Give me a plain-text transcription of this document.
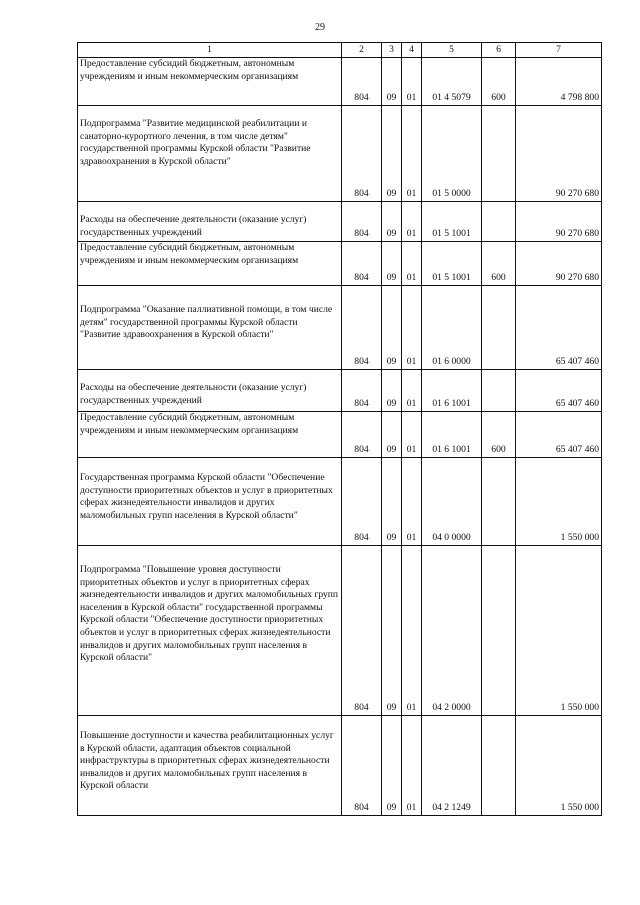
29
1	2	3	4	5	6	7

Предоставление субсидий бюджетным, автономным учреждениям и иным некоммерческим организациям	804	09	01	01 4 5079	600	4 798 800

Подпрограмма "Развитие медицинской реабилитации и санаторно-курортного лечения, в том числе детям" государственной программы Курской области "Развитие здравоохранения в Курской области"	804	09	01	01 5 0000		90 270 680

Расходы на обеспечение деятельности (оказание услуг) государственных учреждений	804	09	01	01 5 1001		90 270 680

Предоставление субсидий бюджетным, автономным учреждениям и иным некоммерческим организациям	804	09	01	01 5 1001	600	90 270 680

Подпрограмма "Оказание паллиативной помощи, в том числе детям" государственной программы Курской области "Развитие здравоохранения в Курской области"	804	09	01	01 6 0000		65 407 460

Расходы на обеспечение деятельности (оказание услуг) государственных учреждений	804	09	01	01 6 1001		65 407 460

Предоставление субсидий бюджетным, автономным учреждениям и иным некоммерческим организациям	804	09	01	01 6 1001	600	65 407 460

Государственная программа Курской области "Обеспечение доступности приоритетных объектов и услуг в приоритетных сферах жизнедеятельности инвалидов и других маломобильных групп населения в Курской области"	804	09	01	04 0 0000		1 550 000

Подпрограмма "Повышение уровня доступности приоритетных объектов и услуг в приоритетных сферах жизнедеятельности инвалидов и других маломобильных групп населения в Курской области" государственной программы Курской области "Обеспечение доступности приоритетных объектов и услуг в приоритетных сферах жизнедеятельности инвалидов и других маломобильных групп населения в Курской области"	804	09	01	04 2 0000		1 550 000

Повышение доступности и качества реабилитационных услуг в Курской области, адаптация объектов социальной инфраструктуры в приоритетных сферах жизнедеятельности инвалидов и других маломобильных групп населения в Курской области	804	09	01	04 2 1249		1 550 000
